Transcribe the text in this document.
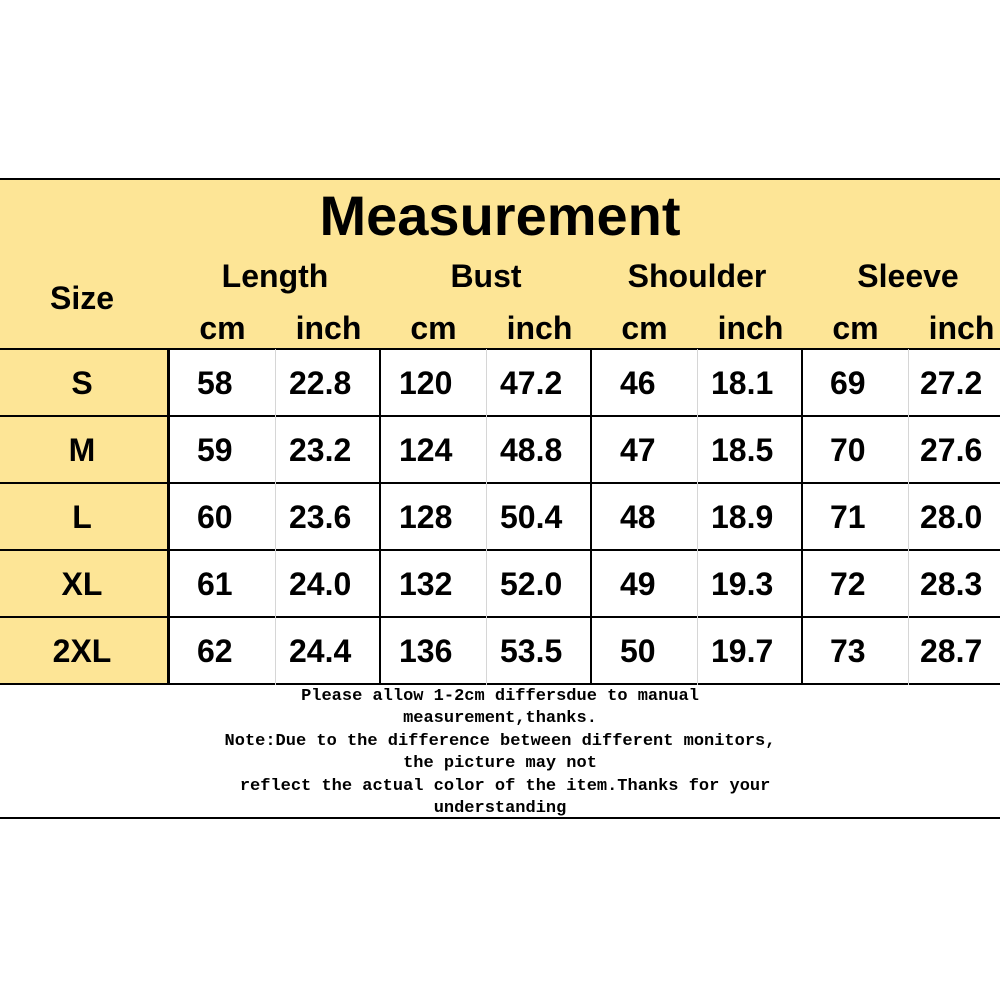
Measurement
Size
Length	Bust	Shoulder	Sleeve
cm	inch	cm	inch	cm	inch	cm	inch
S	58 22.8 120 47.2 46 18.1 69 27.2
M	59 23.2 124 48.8 47 18.5 70 27.6
L	60 23.6 128 50.4 48 18.9 71 28.0
XL	61 24.0 132 52.0 49 19.3 72 28.3
2XL	62 24.4 136 53.5 50 19.7 73 28.7
Please allow 1-2cm differsdue to manual
measurement,thanks.
Note:Due to the difference between different monitors,
the picture may not
reflect the actual color of the item.Thanks for your
understanding
